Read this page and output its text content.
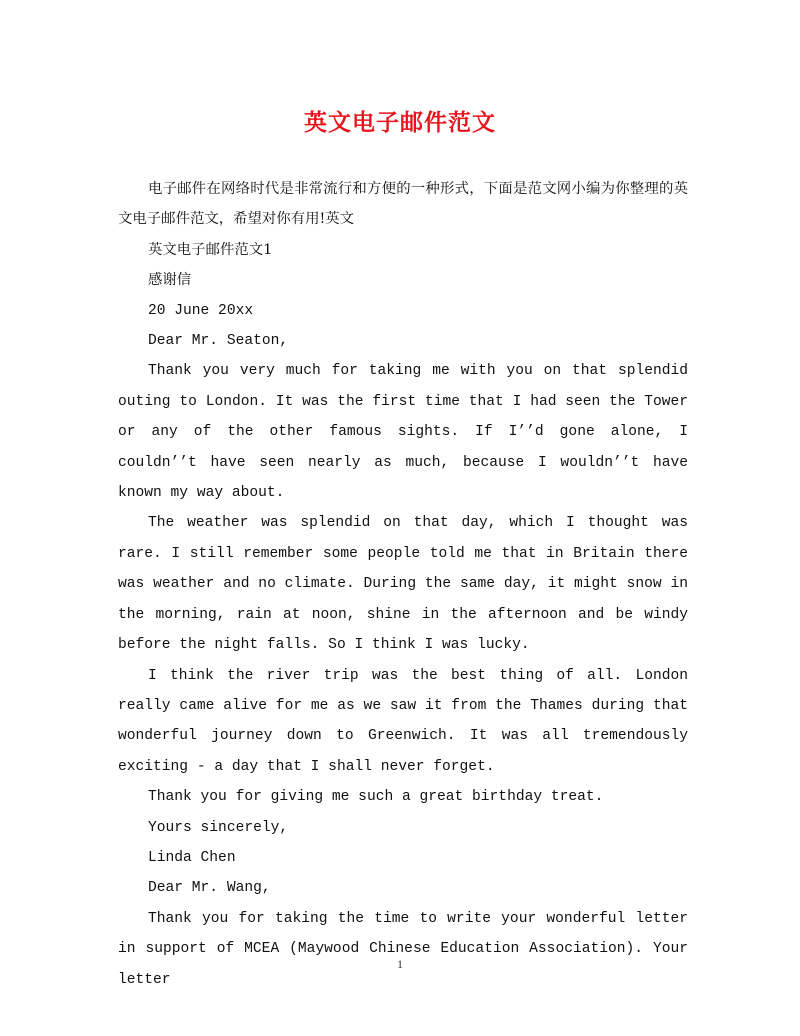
英文电子邮件范文

电子邮件在网络时代是非常流行和方便的一种形式，下面是范文网小编为你整理的英文电子邮件范文，希望对你有用!英文

英文电子邮件范文1

感谢信

20 June 20xx

Dear Mr. Seaton,

Thank you very much for taking me with you on that splendid outing to London. It was the first time that I had seen the Tower or any of the other famous sights. If I’’d gone alone, I couldn’’t have seen nearly as much, because I wouldn’’t have known my way about.

The weather was splendid on that day, which I thought was rare. I still remember some people told me that in Britain there was weather and no climate. During the same day, it might snow in the morning, rain at noon, shine in the afternoon and be windy before the night falls. So I think I was lucky.

I think the river trip was the best thing of all. London really came alive for me as we saw it from the Thames during that wonderful journey down to Greenwich. It was all tremendously exciting - a day that I shall never forget.

Thank you for giving me such a great birthday treat.

Yours sincerely,

Linda Chen

Dear Mr. Wang,

Thank you for taking the time to write your wonderful letter in support of MCEA (Maywood Chinese Education Association). Your letter

1
